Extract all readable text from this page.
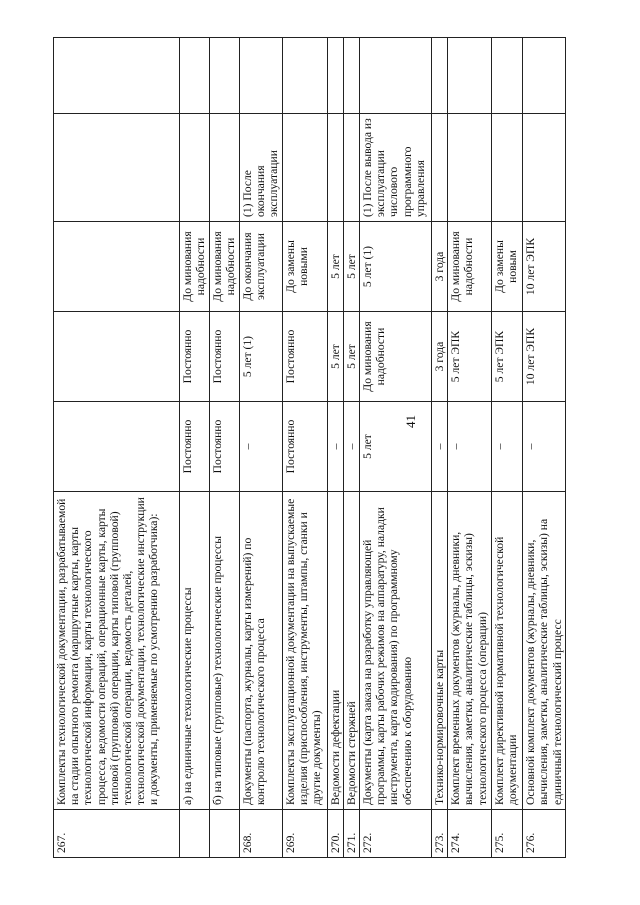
41
267.	Комплекты технологической документации, разрабатываемой на стадии опытного ремонта (маршрутные карты, карты технологической информации, карты технологического процесса, ведомости операций, операционные карты, карты типовой (групповой) операции, карты типовой (групповой) технологической операции, ведомость деталей, технологической документации, технологические инструкции и документы, применяемые по усмотрению разработчика):					
	а) на единичные технологические процессы	Постоянно	Постоянно	До минования надобности		
	б) на типовые (групповые) технологические процессы	Постоянно	Постоянно	До минования надобности		
268.	Документы (паспорта, журналы, карты измерений) по контролю технологического процесса	–	5 лет (1)	До окончания эксплуатации	(1) После окончания эксплуатации	
269.	Комплекты эксплуатационной документации на выпускаемые изделия (приспособления, инструменты, штампы, станки и другие документы)	Постоянно	Постоянно	До замены новыми		
270.	Ведомости дефектации	–	5 лет	5 лет		
271.	Ведомости стержней	–	5 лет	5 лет		
272.	Документы (карта заказа на разработку управляющей программы, карты рабочих режимов на аппаратуру, наладки инструмента, карта кодирования) по программному обеспечению к оборудованию	5 лет	До минования надобности	5 лет (1)	(1) После вывода из эксплуатации числового программного управления	
273.	Технико-нормировочные карты	–	3 года	3 года		
274.	Комплект временных документов (журналы, дневники, вычисления, заметки, аналитические таблицы, эскизы) технологического процесса (операции)	–	5 лет ЭПК	До минования надобности		
275.	Комплект директивной нормативной технологической документации	–	5 лет ЭПК	До замены новым		
276.	Основной комплект документов (журналы, дневники, вычисления, заметки, аналитические таблицы, эскизы) на единичный технологический процесс	–	10 лет ЭПК	10 лет ЭПК		
